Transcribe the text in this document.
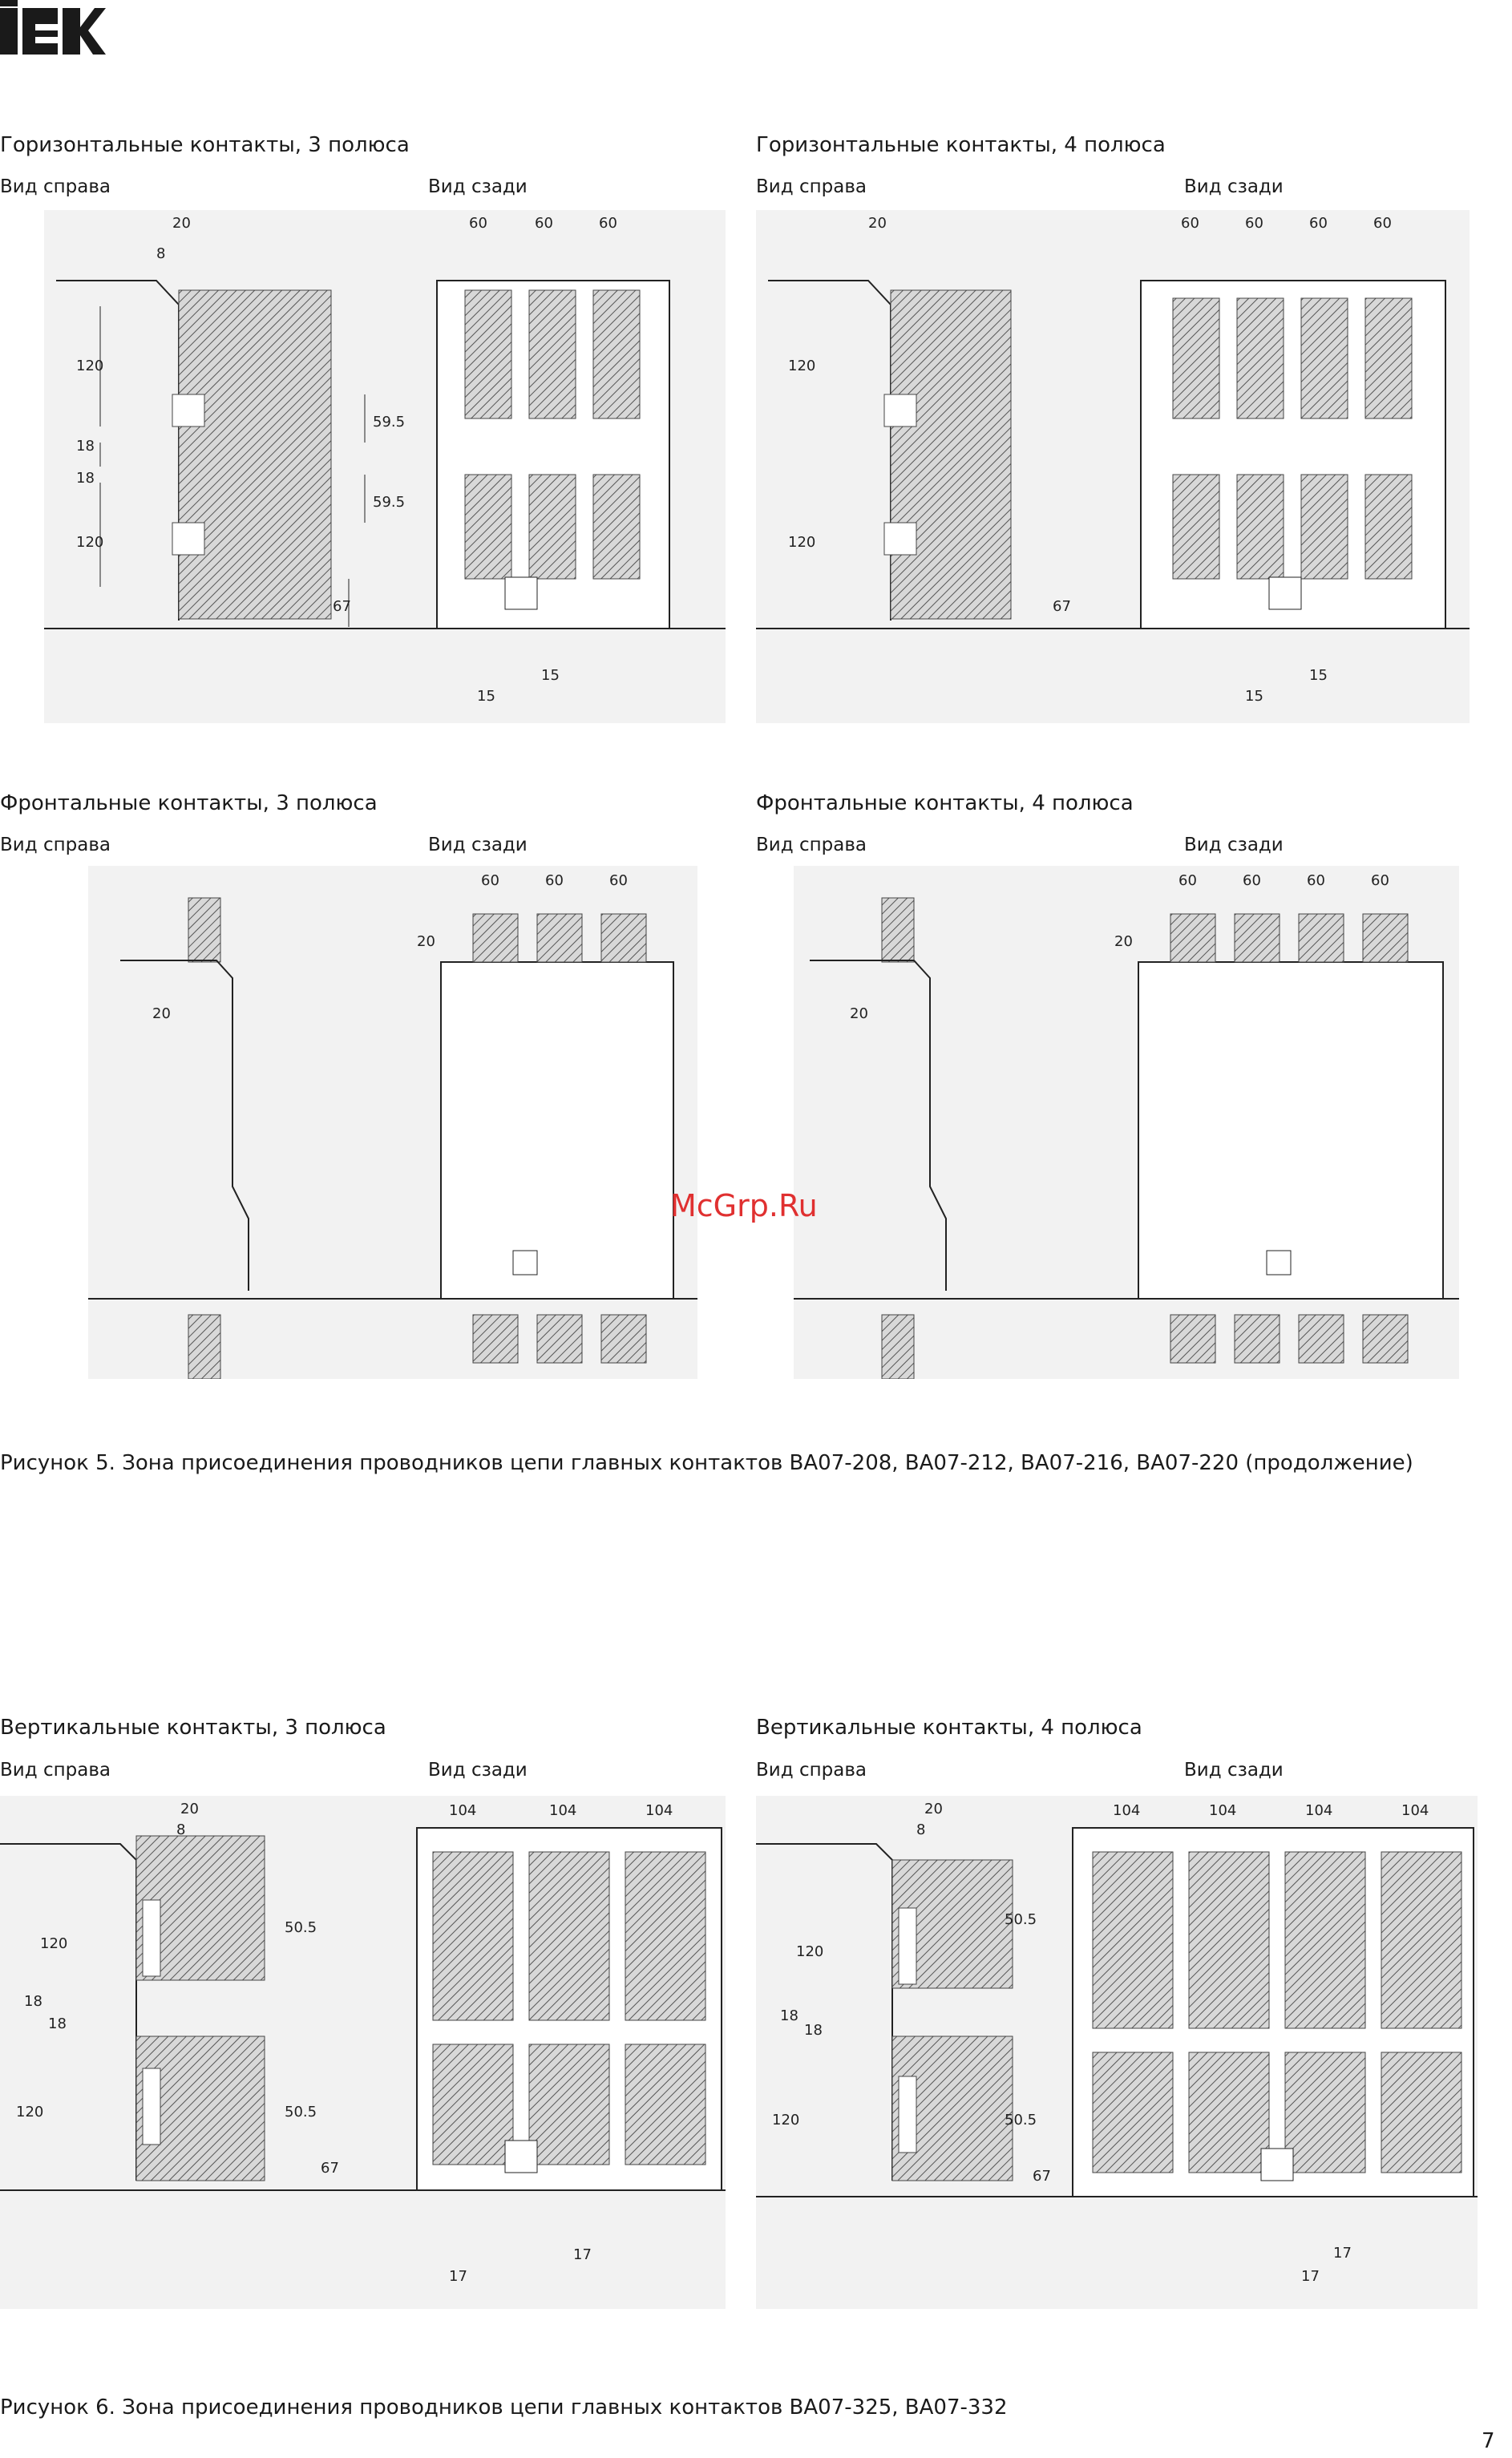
Горизонтальные контакты, 3 полюса
Вид справа	Вид сзади
Горизонтальные контакты, 4 полюса
Вид справа	Вид сзади
20
8
120
18
18
120
59.5
59.5
67
15
15
60	60	60	20	60	60	60	60
120
120
67
15
15
Фронтальные контакты, 3 полюса
Вид справа	Вид сзади
Фронтальные контакты, 4 полюса
Вид справа	Вид сзади
60	60	60
20
20
60	60	60	60
20
20
McGrp.Ru
Рисунок 5. Зона присоединения проводников цепи главных контактов ВА07-208, ВА07-212, ВА07-216, ВА07-220 (продолжение)
Вертикальные контакты, 3 полюса
Вид справа	Вид сзади
Вертикальные контакты, 4 полюса
Вид справа	Вид сзади
104	104	104
20
8
120
18
18
120
50.5
50.5
67
17
17
104	104	104	104
20
8
120
18
18
120
50.5
50.5
67
17
17
Рисунок 6. Зона присоединения проводников цепи главных контактов ВА07-325, ВА07-332
7
